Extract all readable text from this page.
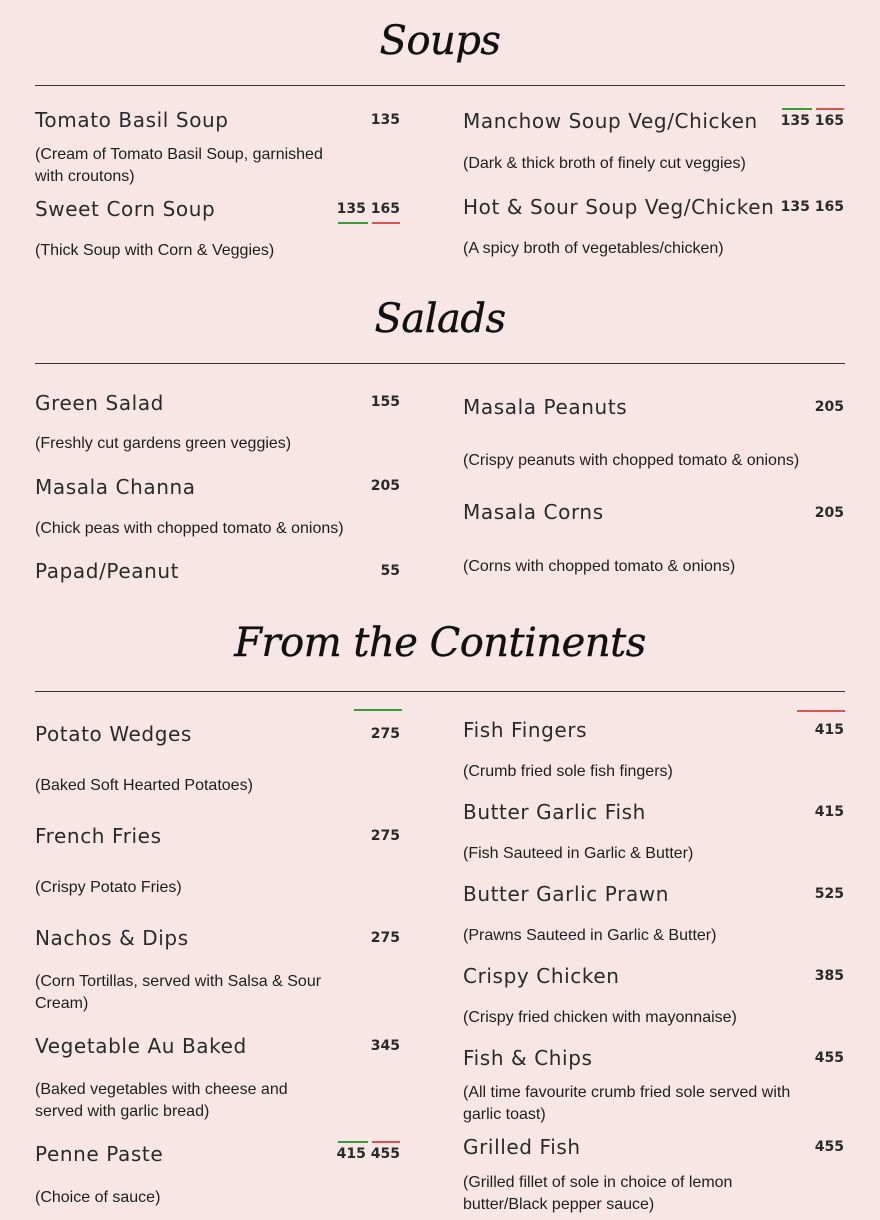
Soups
Tomato Basil Soup	135
(Cream of Tomato Basil Soup, garnished with croutons)
Sweet Corn Soup	135 165
(Thick Soup with Corn & Veggies)
Manchow Soup Veg/Chicken 135 165
(Dark & thick broth of finely cut veggies)
Hot & Sour Soup Veg/Chicken 135 165
(A spicy broth of vegetables/chicken)
Salads
Green Salad	155
(Freshly cut gardens green veggies)
Masala Channa	205
(Chick peas with chopped tomato & onions)
Papad/Peanut	55
Masala Peanuts	205
(Crispy peanuts with chopped tomato & onions)
Masala Corns	205
(Corns with chopped tomato & onions)
From the Continents
Potato Wedges	275
(Baked Soft Hearted Potatoes)
French Fries	275
(Crispy Potato Fries)
Nachos & Dips	275
(Corn Tortillas, served with Salsa & Sour Cream)
Vegetable Au Baked	345
(Baked vegetables with cheese and served with garlic bread)
Penne Paste	415 455
(Choice of sauce)
Fish Fingers	415
(Crumb fried sole fish fingers)
Butter Garlic Fish	415
(Fish Sauteed in Garlic & Butter)
Butter Garlic Prawn	525
(Prawns Sauteed in Garlic & Butter)
Crispy Chicken	385
(Crispy fried chicken with mayonnaise)
Fish & Chips	455
(All time favourite crumb fried sole served with garlic toast)
Grilled Fish	455
(Grilled fillet of sole in choice of lemon butter/Black pepper sauce)
